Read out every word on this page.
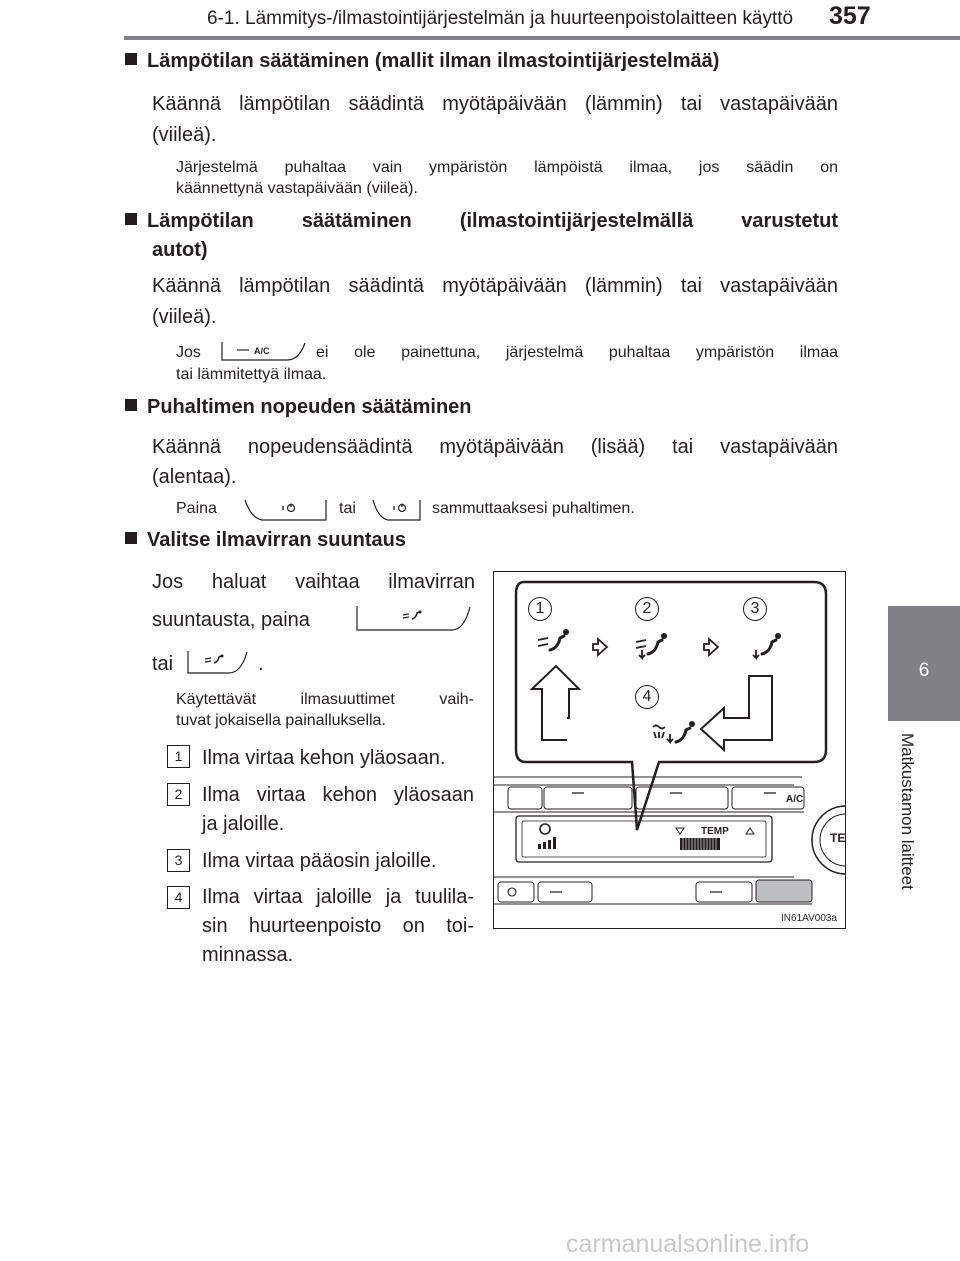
6-1. Lämmitys-/ilmastointijärjestelmän ja huurteenpoistolaitteen käyttö 357
6
Matkustamon laitteet
Lämpötilan säätäminen (mallit ilman ilmastointijärjestelmää)
Käännä lämpötilan säädintä myötäpäivään (lämmin) tai vastapäivään
(viileä).
Järjestelmä puhaltaa vain ympäristön lämpöistä ilmaa, jos säädin on
käännettynä vastapäivään (viileä).
Lämpötilan säätäminen (ilmastointijärjestelmällä varustetut
autot)
Käännä lämpötilan säädintä myötäpäivään (lämmin) tai vastapäivään
(viileä).
Jos	A/C	ei ole painettuna, järjestelmä puhaltaa ympäristön ilmaa
tai lämmitettyä ilmaa.
Puhaltimen nopeuden säätäminen
Käännä nopeudensäädintä myötäpäivään (lisää) tai vastapäivään
(alentaa).
Paina	tai	sammuttaaksesi puhaltimen.
Valitse ilmavirran suuntaus
Jos haluat vaihtaa ilmavirran
suuntausta, paina
tai	.
Käytettävät ilmasuuttimet vaih-
tuvat jokaisella painalluksella.
1 Ilma virtaa kehon yläosaan.
2 Ilma virtaa kehon yläosaan
ja jaloille.
3 Ilma virtaa pääosin jaloille.
4 Ilma virtaa jaloille ja tuulila-
sin huurteenpoisto on toi-
minnassa.
1	2	3
4
TEMP
A/C
TE
IN61AV003a
carmanualsonline.info
